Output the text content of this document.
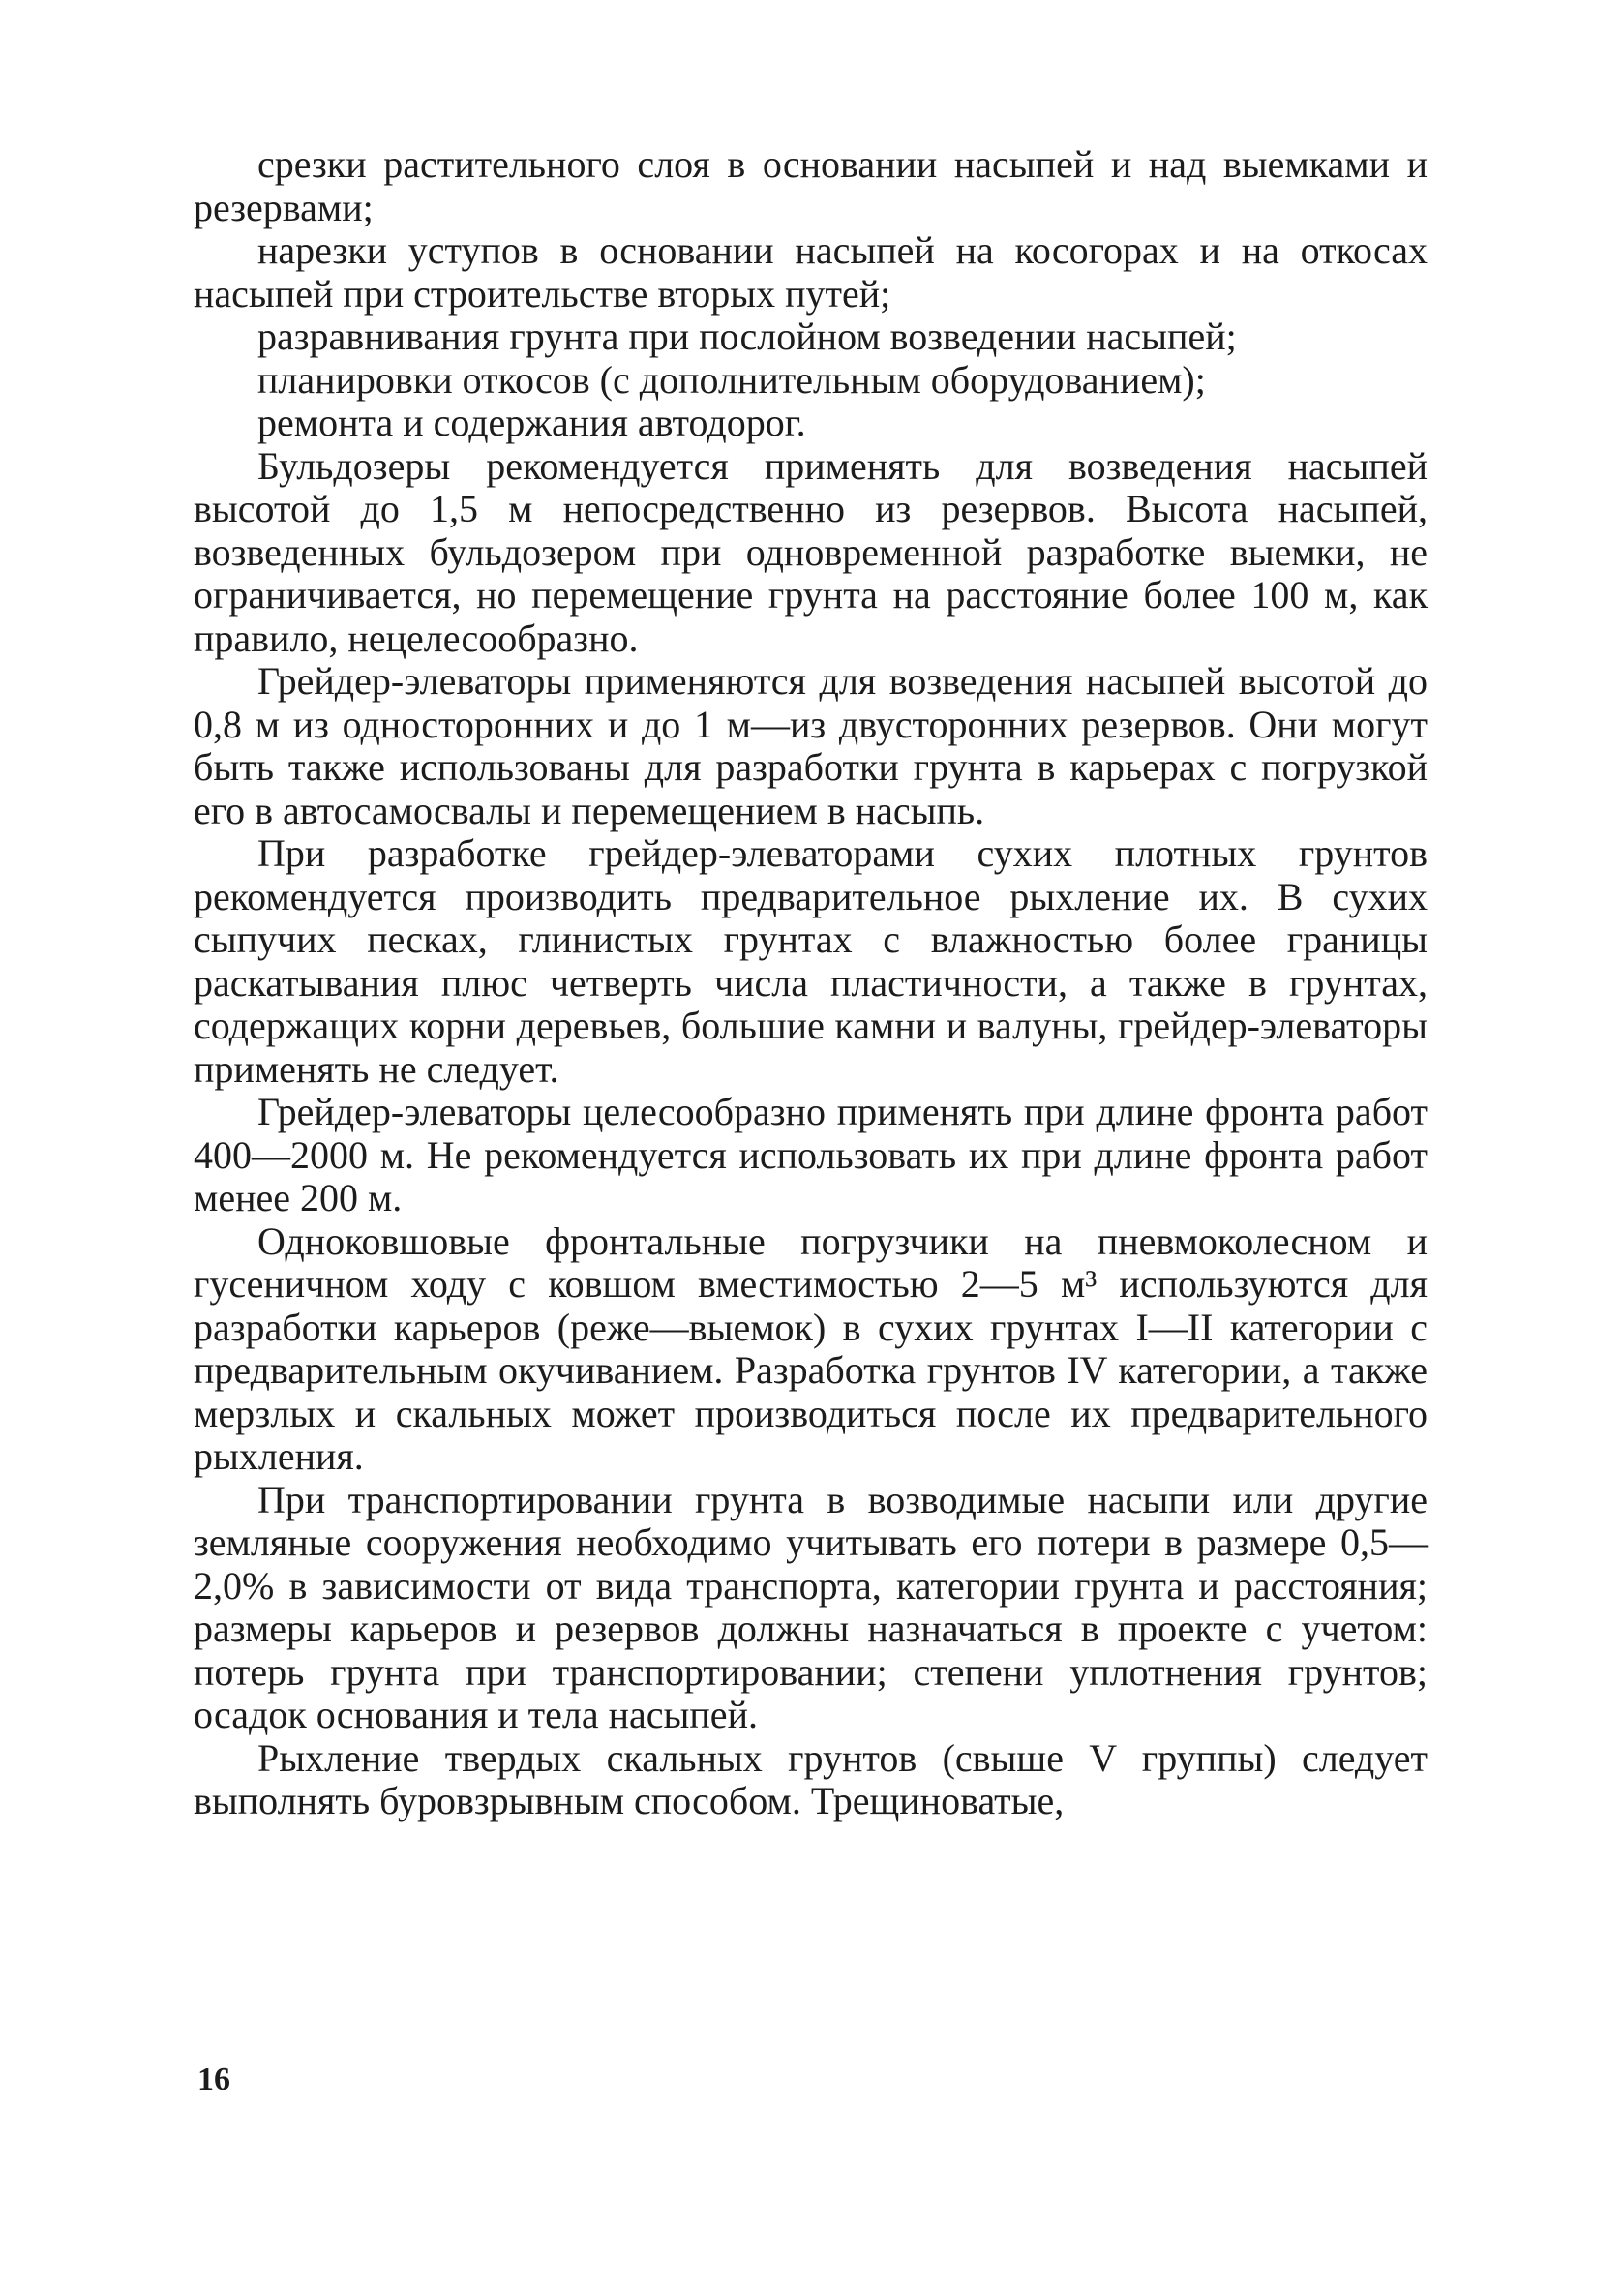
срезки растительного слоя в основании насыпей и над выемками и резервами;

нарезки уступов в основании насыпей на косогорах и на откосах насыпей при строительстве вторых путей;

разравнивания грунта при послойном возведении насыпей;

планировки откосов (с дополнительным оборудованием);

ремонта и содержания автодорог.

Бульдозеры рекомендуется применять для возведения насыпей высотой до 1,5 м непосредственно из резервов. Высота насыпей, возведенных бульдозером при одновременной разработке выемки, не ограничивается, но перемещение грунта на расстояние более 100 м, как правило, нецелесообразно.

Грейдер-элеваторы применяются для возведения насыпей высотой до 0,8 м из односторонних и до 1 м—из двусторонних резервов. Они могут быть также использованы для разработки грунта в карьерах с погрузкой его в автосамосвалы и перемещением в насыпь.

При разработке грейдер-элеваторами сухих плотных грунтов рекомендуется производить предварительное рыхление их. В сухих сыпучих песках, глинистых грунтах с влажностью более границы раскатывания плюс четверть числа пластичности, а также в грунтах, содержащих корни деревьев, большие камни и валуны, грейдер-элеваторы применять не следует.

Грейдер-элеваторы целесообразно применять при длине фронта работ 400—2000 м. Не рекомендуется использовать их при длине фронта работ менее 200 м.

Одноковшовые фронтальные погрузчики на пневмоколесном и гусеничном ходу с ковшом вместимостью 2—5 м³ используются для разработки карьеров (реже—выемок) в сухих грунтах I—II категории с предварительным окучиванием. Разработка грунтов IV категории, а также мерзлых и скальных может производиться после их предварительного рыхления.

При транспортировании грунта в возводимые насыпи или другие земляные сооружения необходимо учитывать его потери в размере 0,5—2,0% в зависимости от вида транспорта, категории грунта и расстояния; размеры карьеров и резервов должны назначаться в проекте с учетом: потерь грунта при транспортировании; степени уплотнения грунтов; осадок основания и тела насыпей.

Рыхление твердых скальных грунтов (свыше V группы) следует выполнять буровзрывным способом. Трещиноватые,

16
